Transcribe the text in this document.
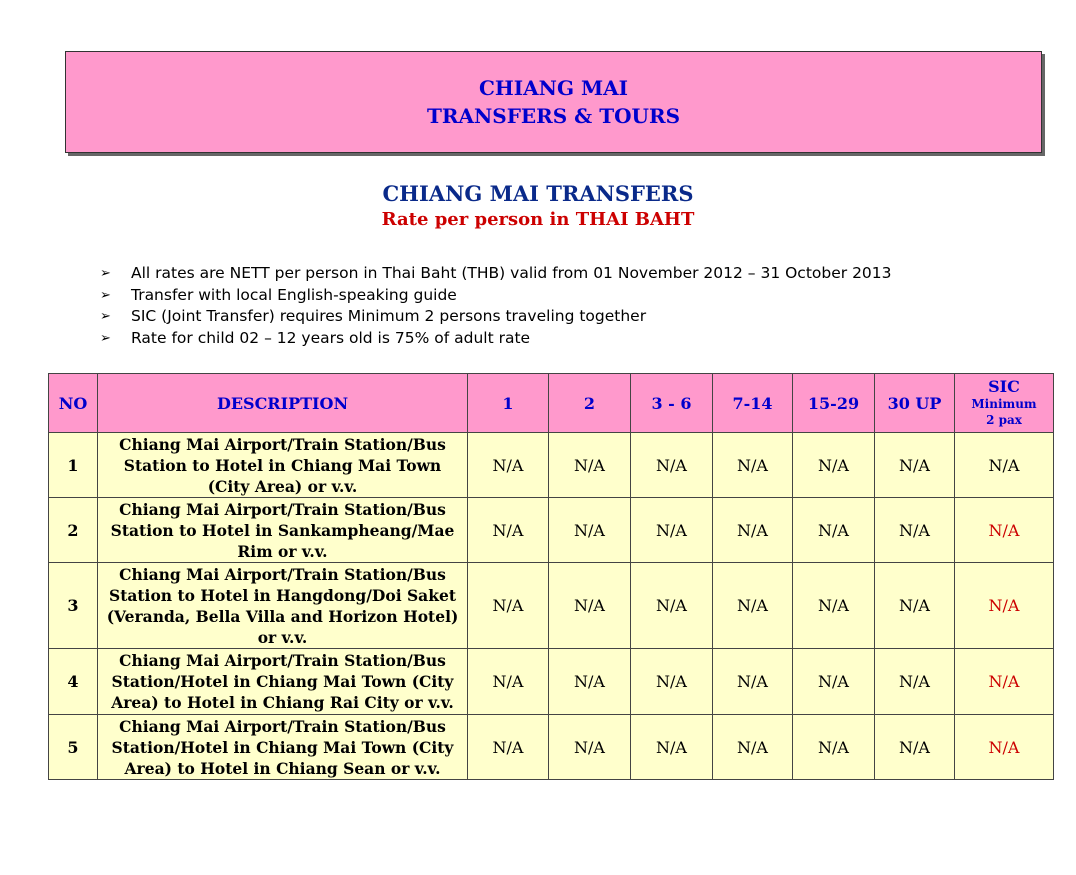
CHIANG MAI
TRANSFERS & TOURS
CHIANG MAI TRANSFERS
Rate per person in THAI BAHT
➢	All rates are NETT per person in Thai Baht (THB) valid from 01 November 2012 – 31 October 2013
➢	Transfer with local English-speaking guide
➢	SIC (Joint Transfer) requires Minimum 2 persons traveling together
➢	Rate for child 02 – 12 years old is 75% of adult rate
NO	DESCRIPTION	1	2	3 - 6	7-14	15-29	30 UP	SIC
Minimum
2 pax

1	Chiang Mai Airport/Train Station/Bus Station to Hotel in Chiang Mai Town (City Area) or v.v.	N/A	N/A	N/A	N/A	N/A	N/A	N/A
2	Chiang Mai Airport/Train Station/Bus Station to Hotel in Sankampheang/Mae Rim or v.v.	N/A	N/A	N/A	N/A	N/A	N/A	N/A
3	Chiang Mai Airport/Train Station/Bus Station to Hotel in Hangdong/Doi Saket (Veranda, Bella Villa and Horizon Hotel) or v.v.	N/A	N/A	N/A	N/A	N/A	N/A	N/A
4	Chiang Mai Airport/Train Station/Bus Station/Hotel in Chiang Mai Town (City Area) to Hotel in Chiang Rai City or v.v.	N/A	N/A	N/A	N/A	N/A	N/A	N/A
5	Chiang Mai Airport/Train Station/Bus Station/Hotel in Chiang Mai Town (City Area) to Hotel in Chiang Sean or v.v.	N/A	N/A	N/A	N/A	N/A	N/A	N/A
